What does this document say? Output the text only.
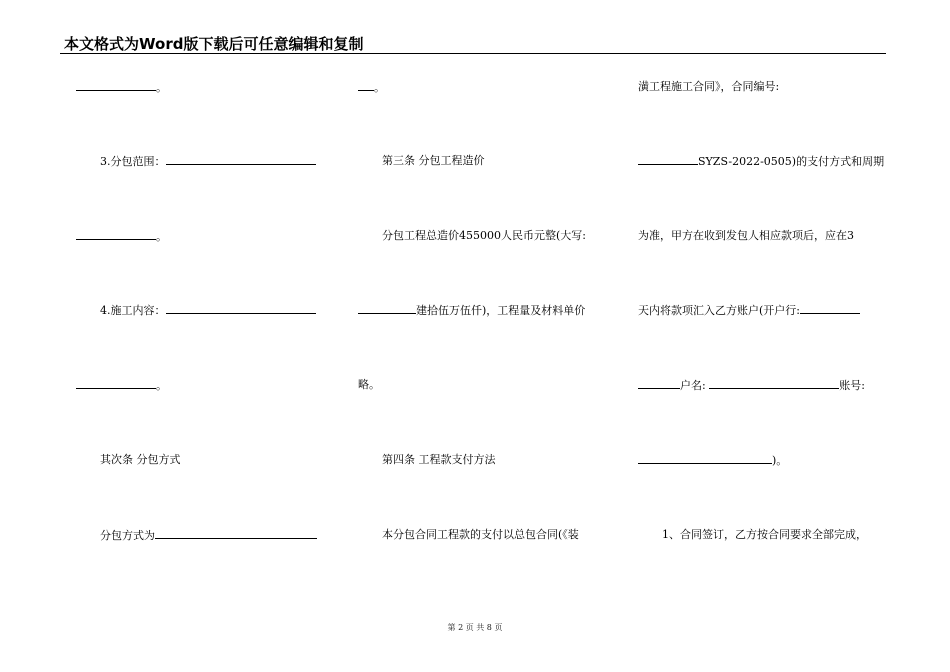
本文格式为Word版下载后可任意编辑和复制
。
3.分包范围：
。
4.施工内容：
。
其次条 分包方式
分包方式为
。
第三条 分包工程造价
分包工程总造价455000人民币元整(大写:
建拾伍万伍仟)，工程量及材料单价
略。
第四条 工程款支付方法
本分包合同工程款的支付以总包合同(《装
潢工程施工合同》，合同编号:
SYZS-2022-0505)的支付方式和周期
为准，甲方在收到发包人相应款项后，应在3
天内将款项汇入乙方账户(开户行:
户名:	账号:
)。
1、合同签订，乙方按合同要求全部完成，
第 2 页 共 8 页
